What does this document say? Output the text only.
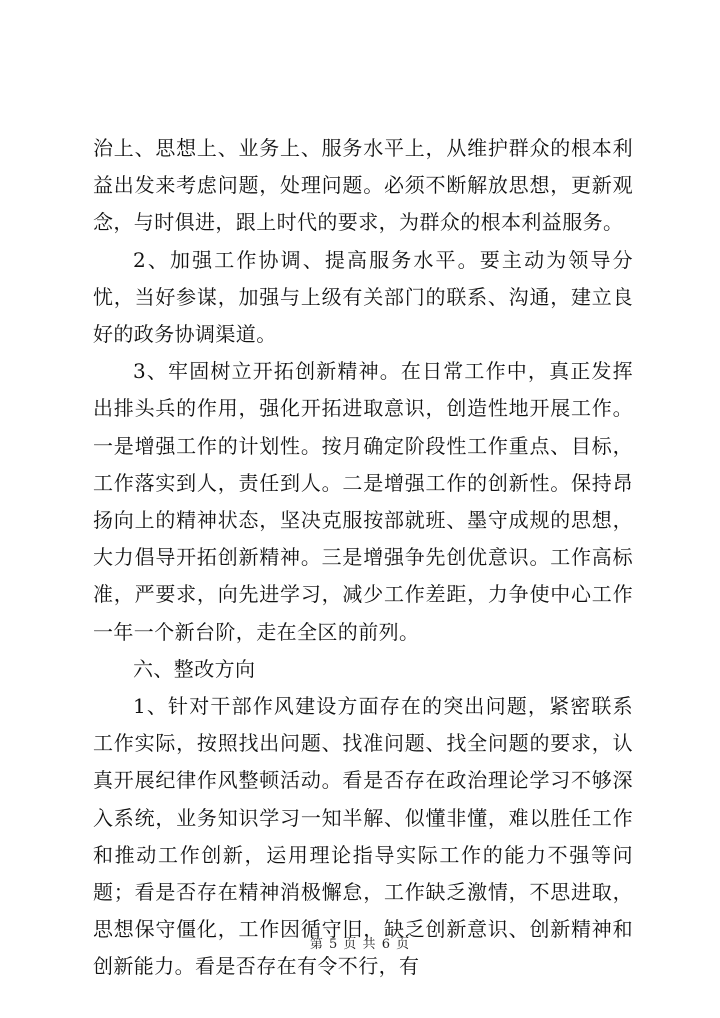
治上、思想上、业务上、服务水平上，从维护群众的根本利益出发来考虑问题，处理问题。必须不断解放思想，更新观念，与时俱进，跟上时代的要求，为群众的根本利益服务。

2、加强工作协调、提高服务水平。要主动为领导分忧，当好参谋，加强与上级有关部门的联系、沟通，建立良好的政务协调渠道。

3、牢固树立开拓创新精神。在日常工作中，真正发挥出排头兵的作用，强化开拓进取意识，创造性地开展工作。一是增强工作的计划性。按月确定阶段性工作重点、目标，工作落实到人，责任到人。二是增强工作的创新性。保持昂扬向上的精神状态，坚决克服按部就班、墨守成规的思想，大力倡导开拓创新精神。三是增强争先创优意识。工作高标准，严要求，向先进学习，减少工作差距，力争使中心工作一年一个新台阶，走在全区的前列。

六、整改方向

1、针对干部作风建设方面存在的突出问题，紧密联系工作实际，按照找出问题、找准问题、找全问题的要求，认真开展纪律作风整顿活动。看是否存在政治理论学习不够深入系统，业务知识学习一知半解、似懂非懂，难以胜任工作和推动工作创新，运用理论指导实际工作的能力不强等问题；看是否存在精神消极懈怠，工作缺乏激情，不思进取，思想保守僵化，工作因循守旧，缺乏创新意识、创新精神和创新能力。看是否存在有令不行，有

第 5 页 共 6 页
